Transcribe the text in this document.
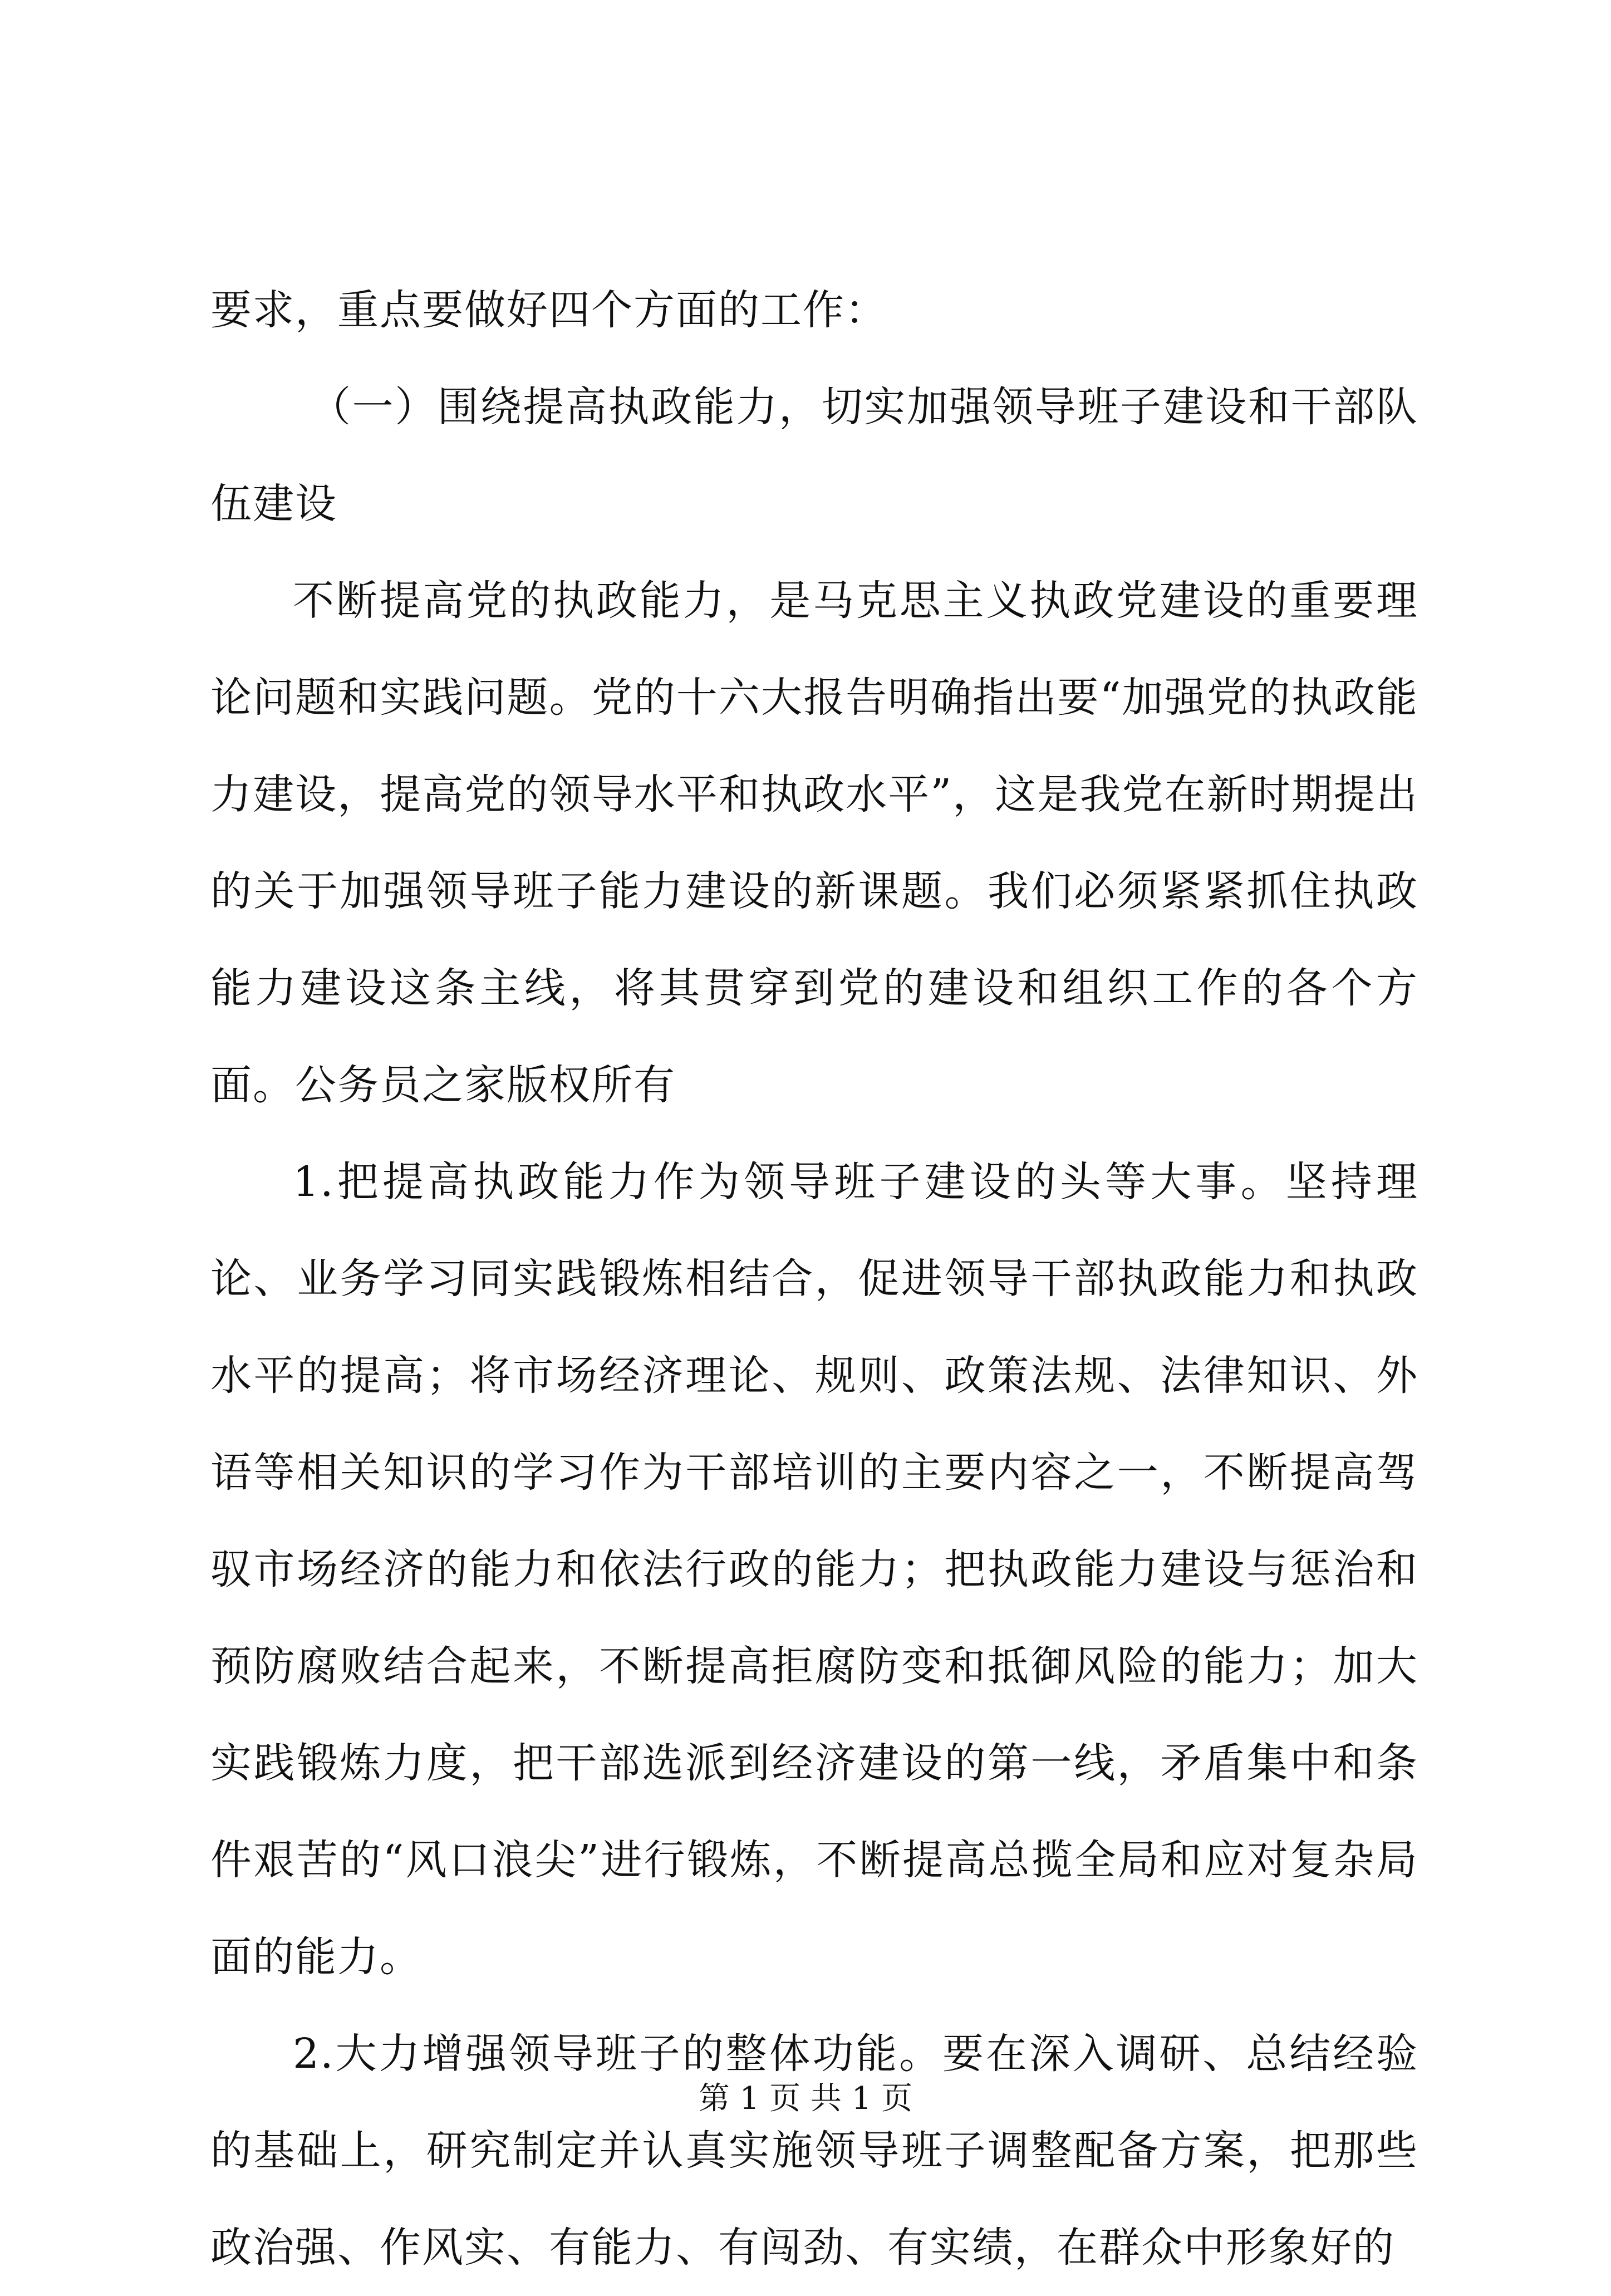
要求，重点要做好四个方面的工作：

（一）围绕提高执政能力，切实加强领导班子建设和干部队伍建设

不断提高党的执政能力，是马克思主义执政党建设的重要理论问题和实践问题。党的十六大报告明确指出要“加强党的执政能力建设，提高党的领导水平和执政水平”，这是我党在新时期提出的关于加强领导班子能力建设的新课题。我们必须紧紧抓住执政能力建设这条主线，将其贯穿到党的建设和组织工作的各个方面。公务员之家版权所有

1.把提高执政能力作为领导班子建设的头等大事。坚持理论、业务学习同实践锻炼相结合，促进领导干部执政能力和执政水平的提高；将市场经济理论、规则、政策法规、法律知识、外语等相关知识的学习作为干部培训的主要内容之一，不断提高驾驭市场经济的能力和依法行政的能力；把执政能力建设与惩治和预防腐败结合起来，不断提高拒腐防变和抵御风险的能力；加大实践锻炼力度，把干部选派到经济建设的第一线，矛盾集中和条件艰苦的“风口浪尖”进行锻炼，不断提高总揽全局和应对复杂局面的能力。

2.大力增强领导班子的整体功能。要在深入调研、总结经验的基础上，研究制定并认真实施领导班子调整配备方案，把那些政治强、作风实、有能力、有闯劲、有实绩，在群众中形象好的

第 1 页 共 1 页
